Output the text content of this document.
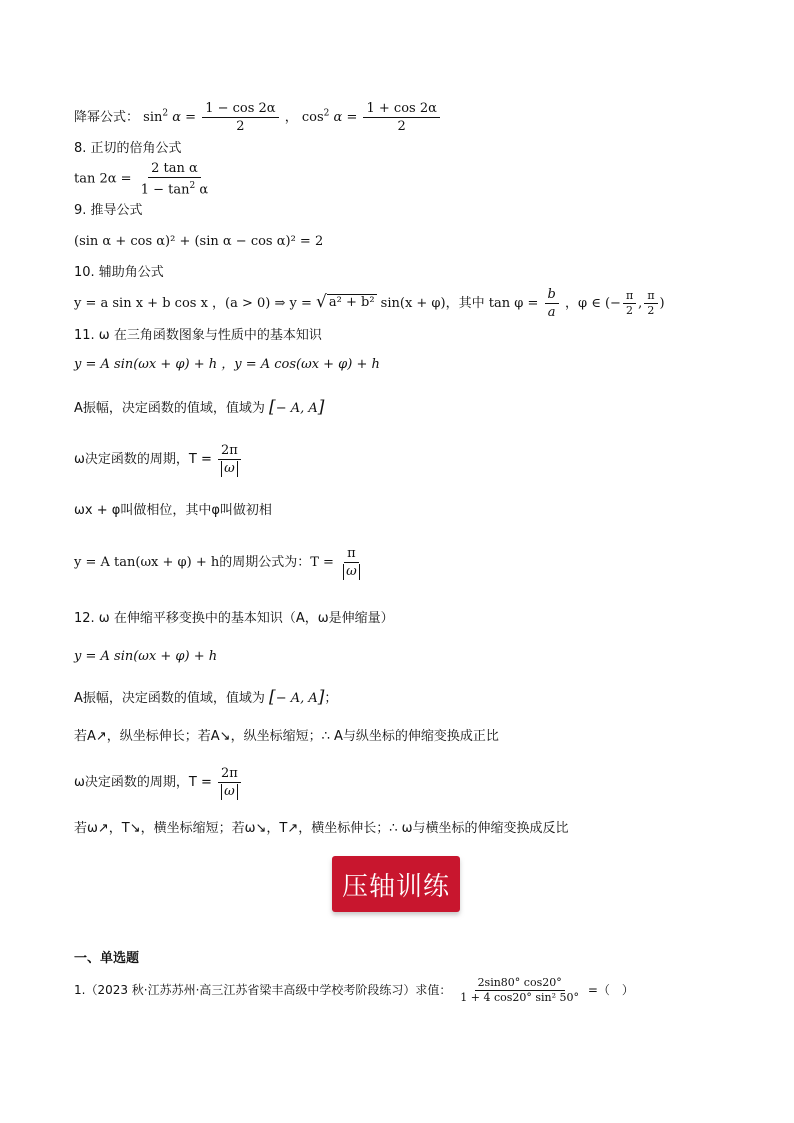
降幂公式： $\sin^2 \alpha = \frac{1 - \cos 2\alpha}{2}$ ， $\cos^2 \alpha = \frac{1 + \cos 2\alpha}{2}$
8. 正切的倍角公式
$\tan 2\alpha = \frac{\text{2 tan α}}{1 - \tan^2 \alpha}$
9. 推导公式
(sin α + cos α)² + (sin α − cos α)² = 2
10. 辅助角公式
y = a sin x + b cos x ，(a > 0) ⇒ y = √ a² + b² sin(x + φ)，其中 $\tan \varphi = \frac{b}{a}$ ，φ ∈ (− $\frac{\pi}{2}$ , $\frac{\pi}{2}$ )
11. ω 在三角函数图象与性质中的基本知识
y = A sin(ωx + φ) + h ，y = A cos(ωx + φ) + h
A振幅，决定函数的值域，值域为 [− A, A]
ω决定函数的周期，$T = \frac{2\pi}{\omega}$
ωx + φ叫做相位，其中φ叫做初相
y = A tan(ωx + φ) + h的周期公式为：$T = \frac{\pi}{\omega}$
12. ω 在伸缩平移变换中的基本知识（A，ω是伸缩量）
y = A sin(ωx + φ) + h
A振幅，决定函数的值域，值域为 [− A, A]；
若A↗，纵坐标伸长；若A↘，纵坐标缩短；∴ A与纵坐标的伸缩变换成正比
ω决定函数的周期，$T = \frac{2\pi}{\omega}$
若ω↗，T↘，横坐标缩短；若ω↘，T↗，横坐标伸长；∴ ω与横坐标的伸缩变换成反比
压轴训练
一、单选题
1.（2023 秋·江苏苏州·高三江苏省梁丰高级中学校考阶段练习）求值： $\frac{2\sin 80^\circ \cos 20^\circ}{\text{1 + 4 cos20° sin² 50°}}$ =（　）
